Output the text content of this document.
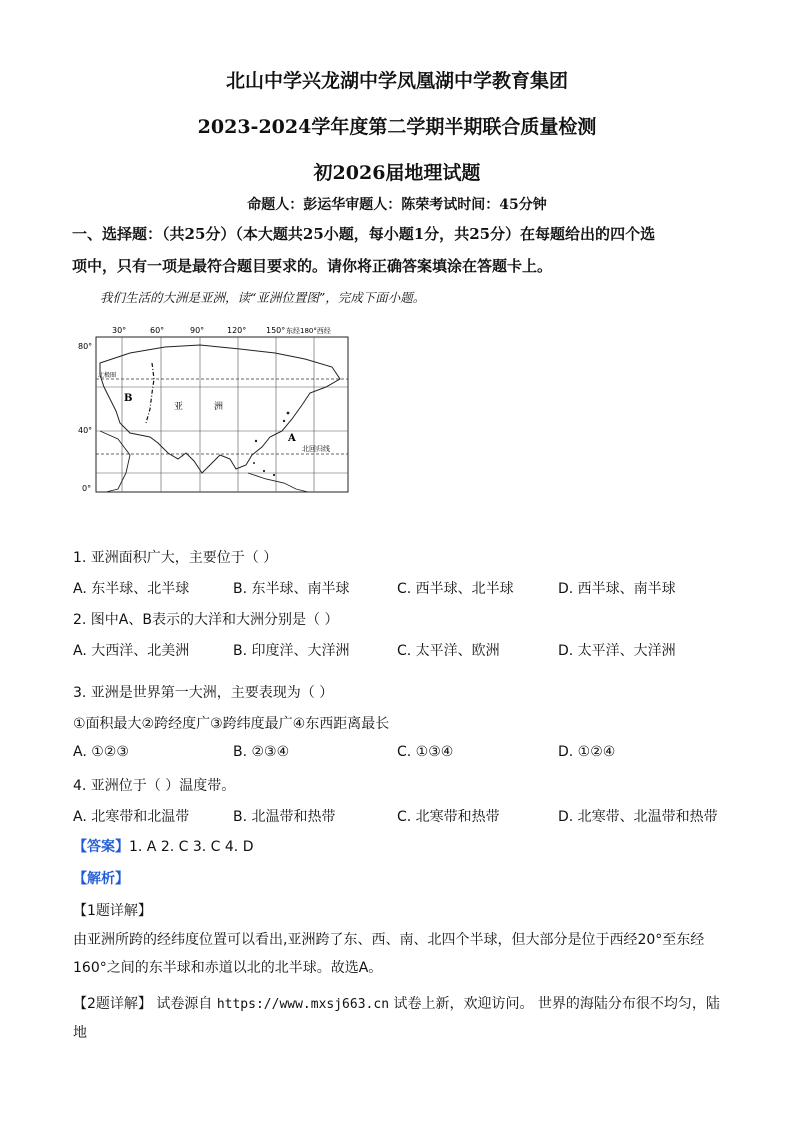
北山中学兴龙湖中学凤凰湖中学教育集团
2023-2024学年度第二学期半期联合质量检测
初2026届地理试题
命题人：彭运华审题人：陈荣考试时间：45分钟
一、选择题：（共25分）（本大题共25小题，每小题1分，共25分）在每题给出的四个选
项中，只有一项是最符合题目要求的。请你将正确答案填涂在答题卡上。
我们生活的大洲是亚洲，读“亚洲位置图”，完成下面小题。
30°	60°	90°	120° 150° 东经180°西经
80°
40°
0°
北极圈
B
亚	洲
A
北回归线
1. 亚洲面积广大，主要位于（ ）
A. 东半球、北半球	B. 东半球、南半球	C. 西半球、北半球	D. 西半球、南半球
2. 图中A、B表示的大洋和大洲分别是（ ）
A. 大西洋、北美洲	B. 印度洋、大洋洲	C. 太平洋、欧洲	D. 太平洋、大洋洲
3. 亚洲是世界第一大洲，主要表现为（ ）
①面积最大②跨经度广③跨纬度最广④东西距离最长
A. ①②③	B. ②③④	C. ①③④	D. ①②④
4. 亚洲位于（ ）温度带。
A. 北寒带和北温带	B. 北温带和热带	C. 北寒带和热带	D. 北寒带、北温带和热带
【答案】1. A 2. C 3. C 4. D
【解析】
【1题详解】
由亚洲所跨的经纬度位置可以看出,亚洲跨了东、西、南、北四个半球，但大部分是位于西经20°至东经
160°之间的东半球和赤道以北的北半球。故选A。
【2题详解】 试卷源自 https://www.mxsj663.cn 试卷上新，欢迎访问。 世界的海陆分布很不均匀，陆地
